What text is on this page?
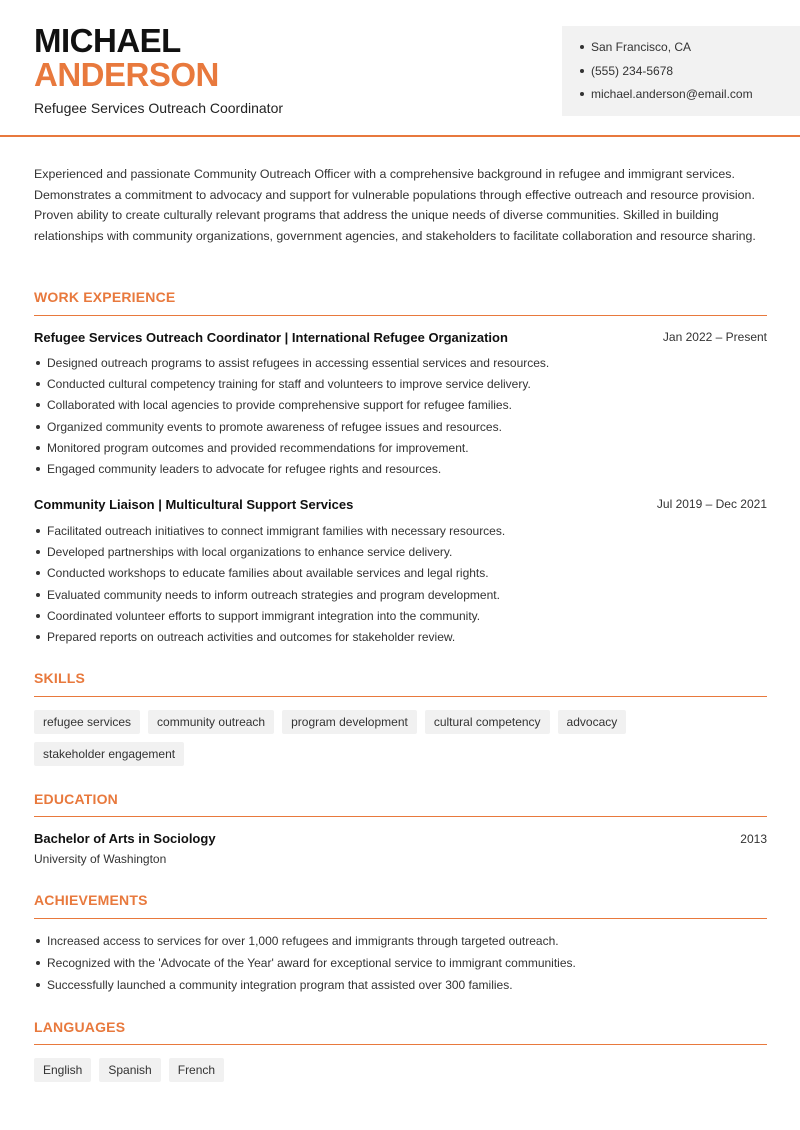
MICHAEL
ANDERSON
Refugee Services Outreach Coordinator
San Francisco, CA
(555) 234-5678
michael.anderson@email.com

Experienced and passionate Community Outreach Officer with a comprehensive background in refugee and immigrant services. Demonstrates a commitment to advocacy and support for vulnerable populations through effective outreach and resource provision. Proven ability to create culturally relevant programs that address the unique needs of diverse communities. Skilled in building relationships with community organizations, government agencies, and stakeholders to facilitate collaboration and resource sharing.

WORK EXPERIENCE
Refugee Services Outreach Coordinator | International Refugee Organization	Jan 2022 – Present
Designed outreach programs to assist refugees in accessing essential services and resources.
Conducted cultural competency training for staff and volunteers to improve service delivery.
Collaborated with local agencies to provide comprehensive support for refugee families.
Organized community events to promote awareness of refugee issues and resources.
Monitored program outcomes and provided recommendations for improvement.
Engaged community leaders to advocate for refugee rights and resources.
Community Liaison | Multicultural Support Services	Jul 2019 – Dec 2021
Facilitated outreach initiatives to connect immigrant families with necessary resources.
Developed partnerships with local organizations to enhance service delivery.
Conducted workshops to educate families about available services and legal rights.
Evaluated community needs to inform outreach strategies and program development.
Coordinated volunteer efforts to support immigrant integration into the community.
Prepared reports on outreach activities and outcomes for stakeholder review.
SKILLS
refugee services	community outreach	program development	cultural competency	advocacy
stakeholder engagement
EDUCATION
Bachelor of Arts in Sociology	2013
University of Washington
ACHIEVEMENTS
Increased access to services for over 1,000 refugees and immigrants through targeted outreach.
Recognized with the 'Advocate of the Year' award for exceptional service to immigrant communities.
Successfully launched a community integration program that assisted over 300 families.
LANGUAGES
English	Spanish	French
